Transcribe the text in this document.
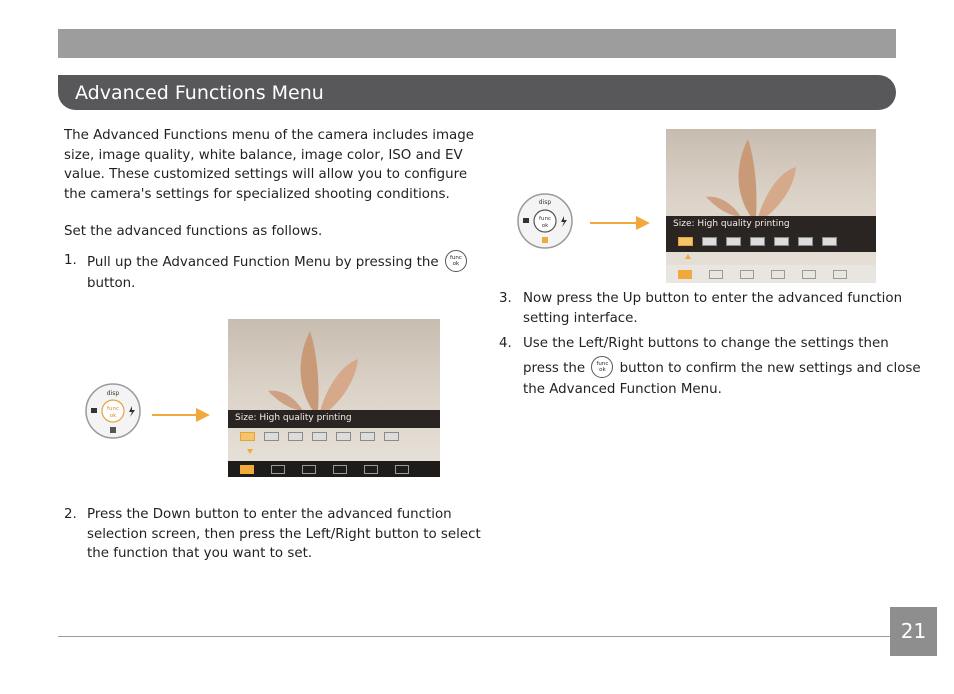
Advanced Functions Menu
The Advanced Functions menu of the camera includes image
size, image quality, white balance, image color, ISO and EV
value. These customized settings will allow you to configure
the camera's settings for specialized shooting conditions.
Set the advanced functions as follows.
1. Pull up the Advanced Function Menu by pressing the	func
ok
button.
disp
func
ok	Size: High quality printing
2. Press the Down button to enter the advanced function
selection screen, then press the Left/Right button to select
the function that you want to set.
disp
func
ok	Size: High quality printing
3. Now press the Up button to enter the advanced function
setting interface.
4. Use the Left/Right buttons to change the settings then
press the	func
ok	button to confirm the new settings and close
the Advanced Function Menu.
21
